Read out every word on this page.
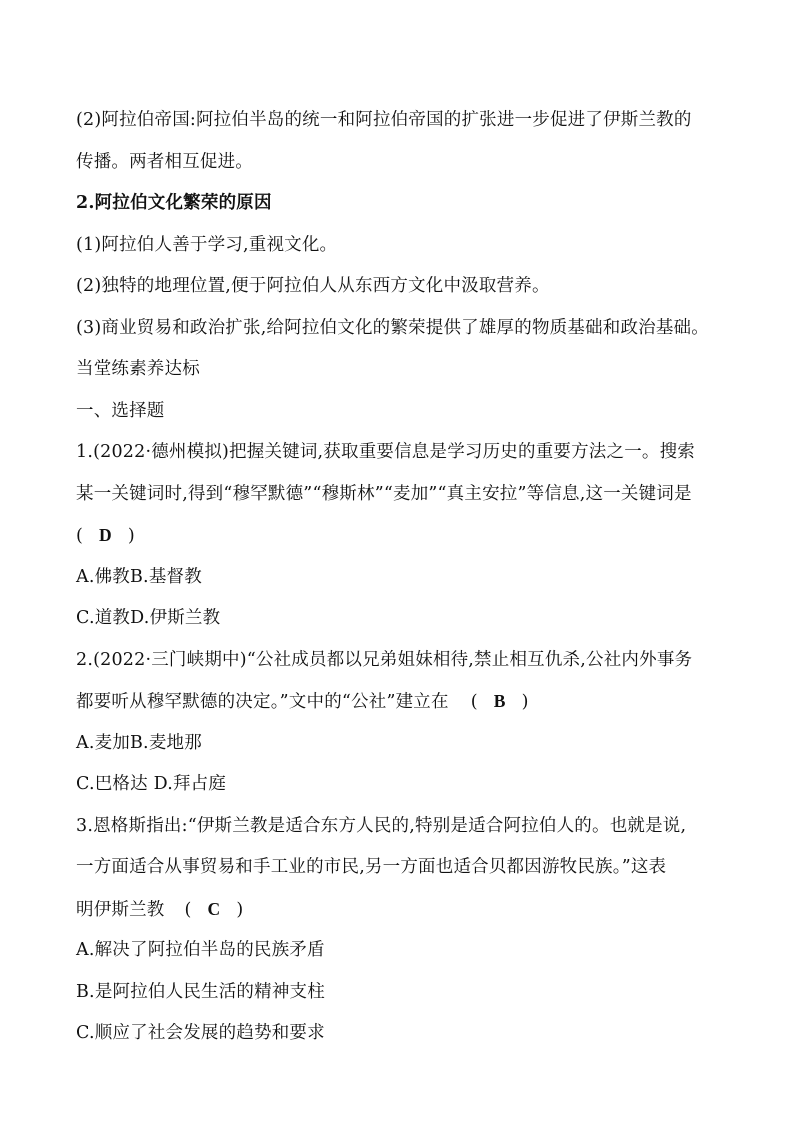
(2)阿拉伯帝国:阿拉伯半岛的统一和阿拉伯帝国的扩张进一步促进了伊斯兰教的
传播。两者相互促进。
2.阿拉伯文化繁荣的原因
(1)阿拉伯人善于学习,重视文化。
(2)独特的地理位置,便于阿拉伯人从东西方文化中汲取营养。
(3)商业贸易和政治扩张,给阿拉伯文化的繁荣提供了雄厚的物质基础和政治基础。
当堂练素养达标
一、选择题
1.(2022·德州模拟)把握关键词,获取重要信息是学习历史的重要方法之一。搜索
某一关键词时,得到“穆罕默德”“穆斯林”“麦加”“真主安拉”等信息,这一关键词是
( D )
A.佛教B.基督教
C.道教D.伊斯兰教
2.(2022·三门峡期中)“公社成员都以兄弟姐妹相待,禁止相互仇杀,公社内外事务
都要听从穆罕默德的决定。”文中的“公社”建立在 ( B )
A.麦加B.麦地那
C.巴格达 D.拜占庭
3.恩格斯指出:“伊斯兰教是适合东方人民的,特别是适合阿拉伯人的。也就是说,
一方面适合从事贸易和手工业的市民,另一方面也适合贝都因游牧民族。”这表
明伊斯兰教 ( C )
A.解决了阿拉伯半岛的民族矛盾
B.是阿拉伯人民生活的精神支柱
C.顺应了社会发展的趋势和要求
